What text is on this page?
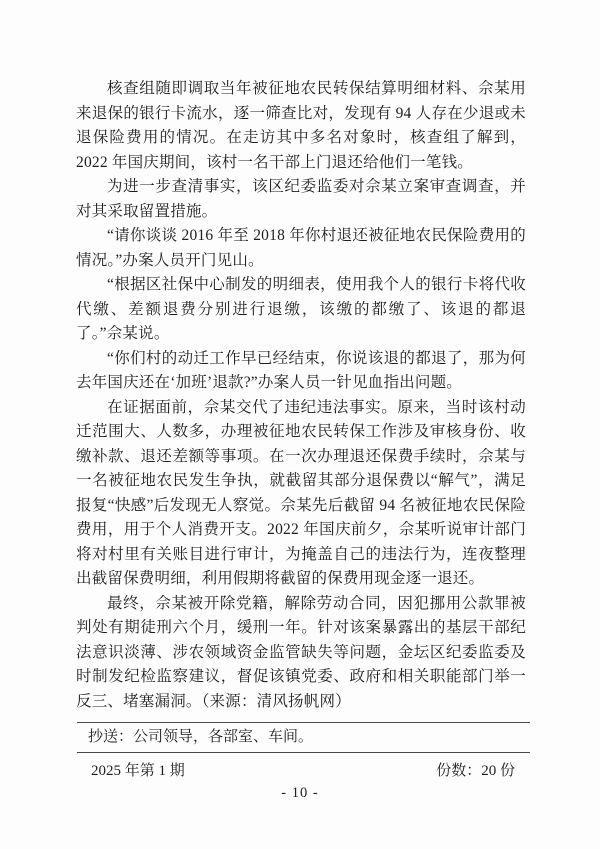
核查组随即调取当年被征地农民转保结算明细材料、佘某用来退保的银行卡流水，逐一筛查比对，发现有 94 人存在少退或未退保险费用的情况。在走访其中多名对象时，核查组了解到，2022 年国庆期间，该村一名干部上门退还给他们一笔钱。

为进一步查清事实，该区纪委监委对佘某立案审查调查，并对其采取留置措施。

“请你谈谈 2016 年至 2018 年你村退还被征地农民保险费用的情况。”办案人员开门见山。

“根据区社保中心制发的明细表，使用我个人的银行卡将代收代缴、差额退费分别进行退缴，该缴的都缴了、该退的都退了。”佘某说。

“你们村的动迁工作早已经结束，你说该退的都退了，那为何去年国庆还在‘加班’退款?”办案人员一针见血指出问题。

在证据面前，佘某交代了违纪违法事实。原来，当时该村动迁范围大、人数多，办理被征地农民转保工作涉及审核身份、收缴补款、退还差额等事项。在一次办理退还保费手续时，佘某与一名被征地农民发生争执，就截留其部分退保费以“解气”，满足报复“快感”后发现无人察觉。佘某先后截留 94 名被征地农民保险费用，用于个人消费开支。2022 年国庆前夕，佘某听说审计部门将对村里有关账目进行审计，为掩盖自己的违法行为，连夜整理出截留保费明细，利用假期将截留的保费用现金逐一退还。

最终，佘某被开除党籍，解除劳动合同，因犯挪用公款罪被判处有期徒刑六个月，缓刑一年。针对该案暴露出的基层干部纪法意识淡薄、涉农领域资金监管缺失等问题，金坛区纪委监委及时制发纪检监察建议，督促该镇党委、政府和相关职能部门举一反三、堵塞漏洞。（来源：清风扬帆网）

抄送：公司领导，各部室、车间。
2025 年第 1 期	份数：20 份
- 10 -
